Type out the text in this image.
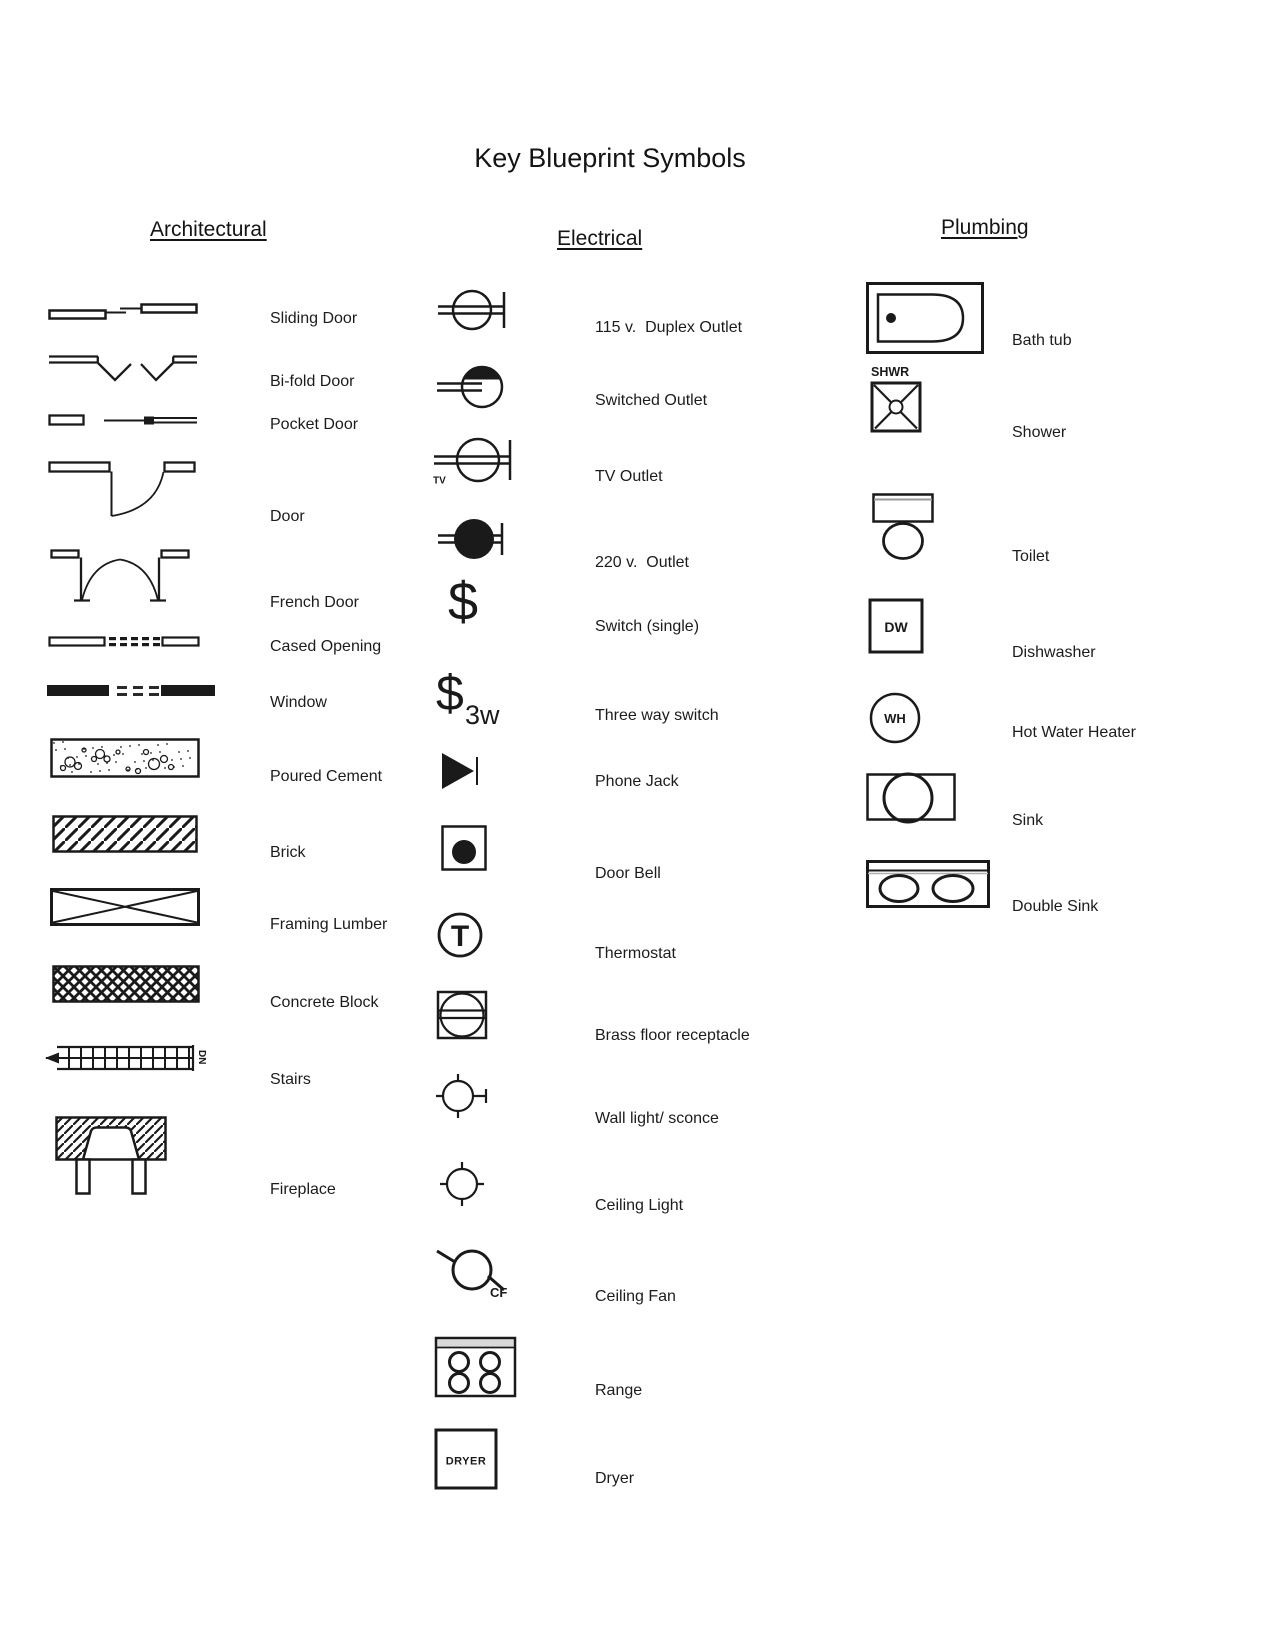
Key Blueprint Symbols
Architectural
Sliding Door
Bi-fold Door
Pocket Door
Door
French Door
Cased Opening
Window
Poured Cement
Brick
Framing Lumber
Concrete Block
DN
Stairs
Fireplace
Electrical
115 v.  Duplex Outlet
Switched Outlet
TV	TV Outlet
220 v.  Outlet
$	Switch (single)
$ 3w	Three way switch
Phone Jack
Door Bell
T
Thermostat
Brass floor receptacle
Wall light/ sconce
Ceiling Light
CF	Ceiling Fan
Range
DRYER
Dryer
Plumbing
Bath tub
SHWR
Shower
Toilet
DW
Dishwasher
WH
Hot Water Heater
Sink
Double Sink
